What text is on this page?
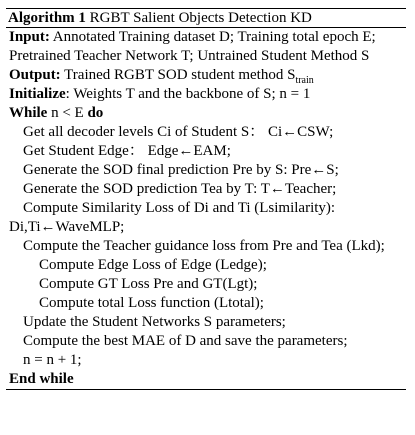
Algorithm 1 RGBT Salient Objects Detection KD
Input: Annotated Training dataset D; Training total epoch E;
Pretrained Teacher Network T; Untrained Student Method S
Output: Trained RGBT SOD student method $S_{train}$
Initialize: Weights T and the backbone of S; n = 1
While n < E do
Get all decoder levels Ci of Student S： Ci←CSW;
Get Student Edge： Edge←EAM;
Generate the SOD final prediction Pre by S: Pre←S;
Generate the SOD prediction Tea by T: T←Teacher;
Compute Similarity Loss of Di and Ti (Lsimilarity):
Di,Ti←WaveMLP;
Compute the Teacher guidance loss from Pre and Tea (Lkd);
Compute Edge Loss of Edge (Ledge);
Compute GT Loss Pre and GT(Lgt);
Compute total Loss function (Ltotal);
Update the Student Networks S parameters;
Compute the best MAE of D and save the parameters;
n = n + 1;
End while
